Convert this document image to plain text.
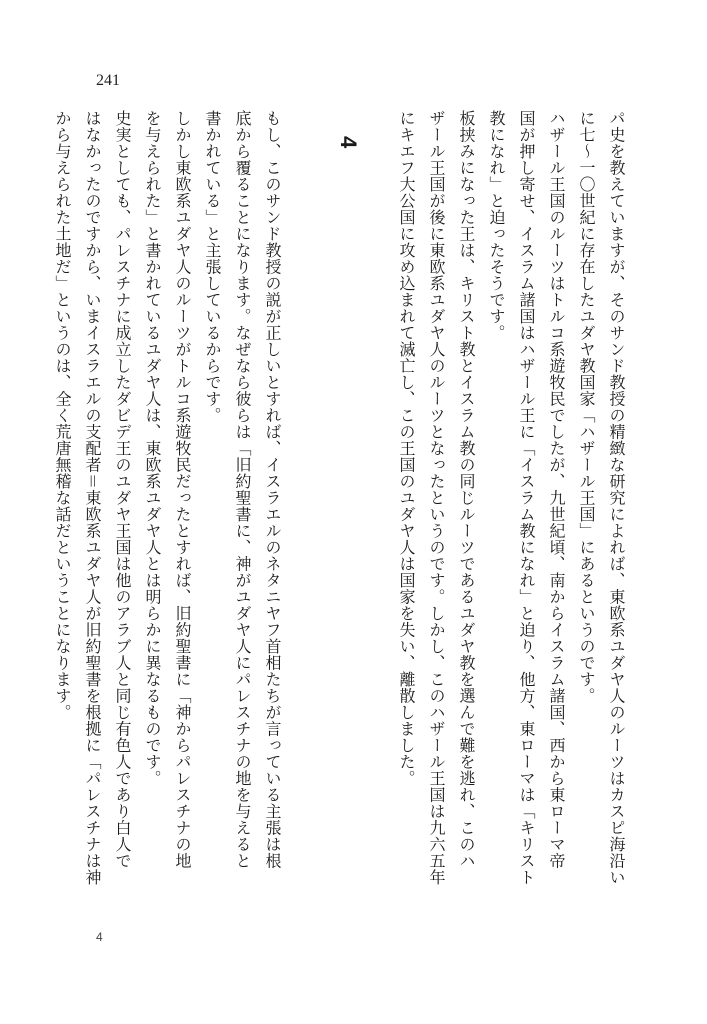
241

パ史を教えていますが、そのサンド教授の精緻な研究によれば、東欧系ユダヤ人のルーツはカスピ海沿い

に七～一〇世紀に存在したユダヤ教国家「ハザール王国」にあるというのです。

ハザール王国のルーツはトルコ系遊牧民でしたが、九世紀頃、南からイスラム諸国、西から東ローマ帝

国が押し寄せ、イスラム諸国はハザール王に「イスラム教になれ」と迫り、他方、東ローマは「キリスト

教になれ」と迫ったそうです。

板挟みになった王は、キリスト教とイスラム教の同じルーツであるユダヤ教を選んで難を逃れ、このハ

ザール王国が後に東欧系ユダヤ人のルーツとなったというのです。しかし、このハザール王国は九六五年

にキエフ大公国に攻め込まれて滅亡し、この王国のユダヤ人は国家を失い、離散しました。

4

もし、このサンド教授の説が正しいとすれば、イスラエルのネタニヤフ首相たちが言っている主張は根

底から覆ることになります。なぜなら彼らは「旧約聖書に、神がユダヤ人にパレスチナの地を与えると

書かれている」と主張しているからです。

しかし東欧系ユダヤ人のルーツがトルコ系遊牧民だったとすれば、旧約聖書に「神からパレスチナの地

を与えられた」と書かれているユダヤ人は、東欧系ユダヤ人とは明らかに異なるものです。

史実としても、パレスチナに成立したダビデ王のユダヤ王国は他のアラブ人と同じ有色人であり白人で

はなかったのですから、いまイスラエルの支配者＝東欧系ユダヤ人が旧約聖書を根拠に「パレスチナは神

から与えられた土地だ」というのは、全く荒唐無稽な話だということになります。

4
